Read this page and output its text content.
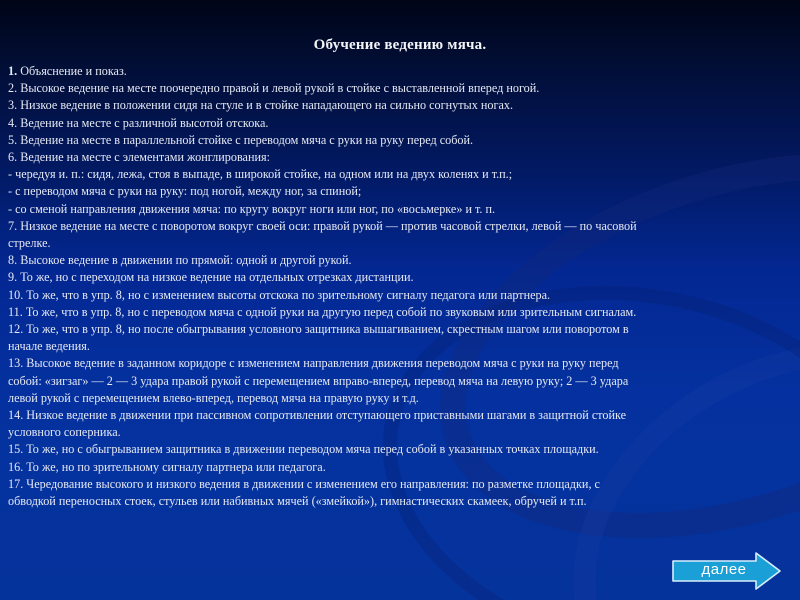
Обучение ведению мяча.
1. Объяснение и показ.
2. Высокое ведение на месте поочередно правой и левой рукой в стойке с выставленной вперед ногой.
3. Низкое ведение в положении сидя на стуле и в стойке нападающего на сильно согнутых ногах.
4. Ведение на месте с различной высотой отскока.
5. Ведение на месте в параллельной стойке с переводом мяча с руки на руку перед собой.
6. Ведение на месте с элементами жонглирования:
- чередуя и. п.: сидя, лежа, стоя в выпаде, в широкой стойке, на одном или на двух коленях и т.п.;
- с переводом мяча с руки на руку: под ногой, между ног, за спиной;
- со сменой направления движения мяча: по кругу вокруг ноги или ног, по «восьмерке» и т. п.
7. Низкое ведение на месте с поворотом вокруг своей оси: правой рукой — против часовой стрелки, левой — по часовой
стрелке.
8. Высокое ведение в движении по прямой: одной и другой рукой.
9. То же, но с переходом на низкое ведение на отдельных отрезках дистанции.
10. То же, что в упр. 8, но с изменением высоты отскока по зрительному сигналу педагога или партнера.
11. То же, что в упр. 8, но с переводом мяча с одной руки на другую перед собой по звуковым или зрительным сигналам.
12. То же, что в упр. 8, но после обыгрывания условного защитника вышагиванием, скрестным шагом или поворотом в
начале ведения.
13. Высокое ведение в заданном коридоре с изменением направления движения переводом мяча с руки на руку перед
собой: «зигзаг» — 2 — 3 удара правой рукой с перемещением вправо-вперед, перевод мяча на левую руку; 2 — 3 удара
левой рукой с перемещением влево-вперед, перевод мяча на правую руку и т.д.
14. Низкое ведение в движении при пассивном сопротивлении отступающего приставными шагами в защитной стойке
условного соперника.
15. То же, но с обыгрыванием защитника в движении переводом мяча перед собой в указанных точках площадки.
16. То же, но по зрительному сигналу партнера или педагога.
17. Чередование высокого и низкого ведения в движении с изменением его направления: по разметке площадки, с
обводкой переносных стоек, стульев или набивных мячей («змейкой»), гимнастических скамеек, обручей и т.п.
далее
